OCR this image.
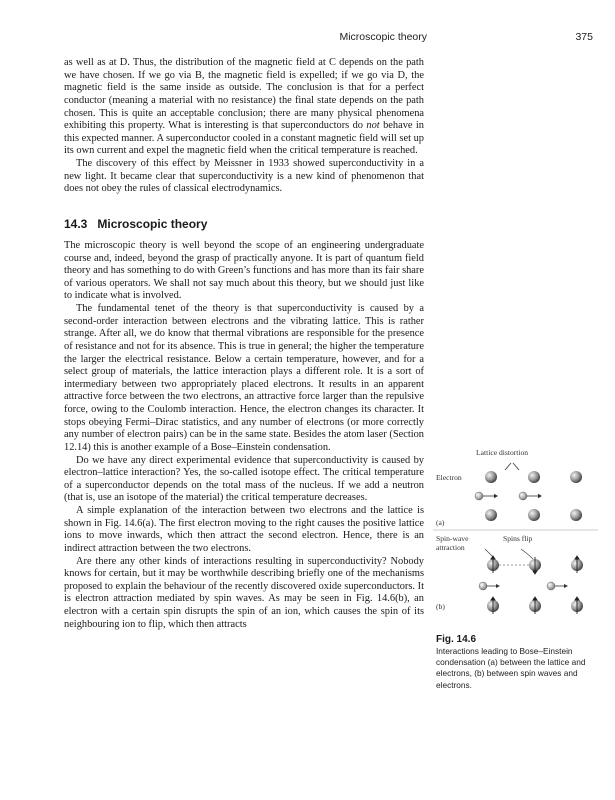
Microscopic theory	375

as well as at D. Thus, the distribution of the magnetic field at C depends on the path we have chosen. If we go via B, the magnetic field is expelled; if we go via D, the magnetic field is the same inside as outside. The conclusion is that for a perfect conductor (meaning a material with no resistance) the final state depends on the path chosen. This is quite an acceptable conclusion; there are many physical phenomena exhibiting this property. What is interesting is that superconductors do not behave in this expected manner. A superconductor cooled in a constant magnetic field will set up its own current and expel the magnetic field when the critical temperature is reached.

The discovery of this effect by Meissner in 1933 showed superconductivity in a new light. It became clear that superconductivity is a new kind of phenomenon that does not obey the rules of classical electrodynamics.

14.3 Microscopic theory

The microscopic theory is well beyond the scope of an engineering undergraduate course and, indeed, beyond the grasp of practically anyone. It is part of quantum field theory and has something to do with Green’s functions and has more than its fair share of various operators. We shall not say much about this theory, but we should just like to indicate what is involved.

The fundamental tenet of the theory is that superconductivity is caused by a second-order interaction between electrons and the vibrating lattice. This is rather strange. After all, we do know that thermal vibrations are responsible for the presence of resistance and not for its absence. This is true in general; the higher the temperature the larger the electrical resistance. Below a certain temperature, however, and for a select group of materials, the lattice interaction plays a different role. It is a sort of intermediary between two appropriately placed electrons. It results in an apparent attractive force between the two electrons, an attractive force larger than the repulsive force, owing to the Coulomb interaction. Hence, the electron changes its character. It stops obeying Fermi–Dirac statistics, and any number of electrons (or more correctly any number of electron pairs) can be in the same state. Besides the atom laser (Section 12.14) this is another example of a Bose–Einstein condensation.

Do we have any direct experimental evidence that superconductivity is caused by electron–lattice interaction? Yes, the so-called isotope effect. The critical temperature of a superconductor depends on the total mass of the nucleus. If we add a neutron (that is, use an isotope of the material) the critical temperature decreases.

A simple explanation of the interaction between two electrons and the lattice is shown in Fig. 14.6(a). The first electron moving to the right causes the positive lattice ions to move inwards, which then attract the second electron. Hence, there is an indirect attraction between the two electrons.

Are there any other kinds of interactions resulting in superconductivity? Nobody knows for certain, but it may be worthwhile describing briefly one of the mechanisms proposed to explain the behaviour of the recently discovered oxide superconductors. It is electron attraction mediated by spin waves. As may be seen in Fig. 14.6(b), an electron with a certain spin disrupts the spin of an ion, which causes the spin of its neighbouring ion to flip, which then attracts

Lattice distortion
Electron
(a)
Spin-wave
attraction
Spins flip
(b)
Fig. 14.6
Interactions leading to Bose–Einstein condensation (a) between the lattice and electrons, (b) between spin waves and electrons.
